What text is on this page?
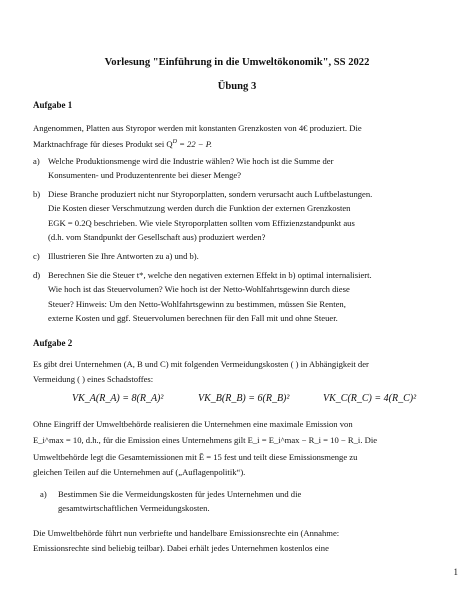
Vorlesung "Einführung in die Umweltökonomik", SS 2022
Übung 3
Aufgabe 1
Angenommen, Platten aus Styropor werden mit konstanten Grenzkosten von 4€ produziert. Die
Marktnachfrage für dieses Produkt sei $Q^D = 22 - P$.
a) Welche Produktionsmenge wird die Industrie wählen? Wie hoch ist die Summe der
Konsumenten- und Produzentenrente bei dieser Menge?
b) Diese Branche produziert nicht nur Styroporplatten, sondern verursacht auch Luftbelastungen.
Die Kosten dieser Verschmutzung werden durch die Funktion der externen Grenzkosten
EGK = 0.2Q beschrieben. Wie viele Styroporplatten sollten vom Effizienzstandpunkt aus
(d.h. vom Standpunkt der Gesellschaft aus) produziert werden?
c) Illustrieren Sie Ihre Antworten zu a) und b).
d) Berechnen Sie die Steuer t*, welche den negativen externen Effekt in b) optimal internalisiert.
Wie hoch ist das Steuervolumen? Wie hoch ist der Netto-Wohlfahrtsgewinn durch diese
Steuer? Hinweis: Um den Netto-Wohlfahrtsgewinn zu bestimmen, müssen Sie Renten,
externe Kosten und ggf. Steuervolumen berechnen für den Fall mit und ohne Steuer.
Aufgabe 2
Es gibt drei Unternehmen (A, B und C) mit folgenden Vermeidungskosten ( ) in Abhängigkeit der
Vermeidung ( ) eines Schadstoffes:
VK_A(R_A) = 8(R_A)²	VK_B(R_B) = 6(R_B)²	VK_C(R_C) = 4(R_C)²
Ohne Eingriff der Umweltbehörde realisieren die Unternehmen eine maximale Emission von
E_i^max = 10, d.h., für die Emission eines Unternehmens gilt E_i = E_i^max − R_i = 10 − R_i. Die
Umweltbehörde legt die Gesamtemissionen mit Ē = 15 fest und teilt diese Emissionsmenge zu
gleichen Teilen auf die Unternehmen auf („Auflagenpolitik“).
a) Bestimmen Sie die Vermeidungskosten für jedes Unternehmen und die
gesamtwirtschaftlichen Vermeidungskosten.
Die Umweltbehörde führt nun verbriefte und handelbare Emissionsrechte ein (Annahme:
Emissionsrechte sind beliebig teilbar). Dabei erhält jedes Unternehmen kostenlos eine
1
